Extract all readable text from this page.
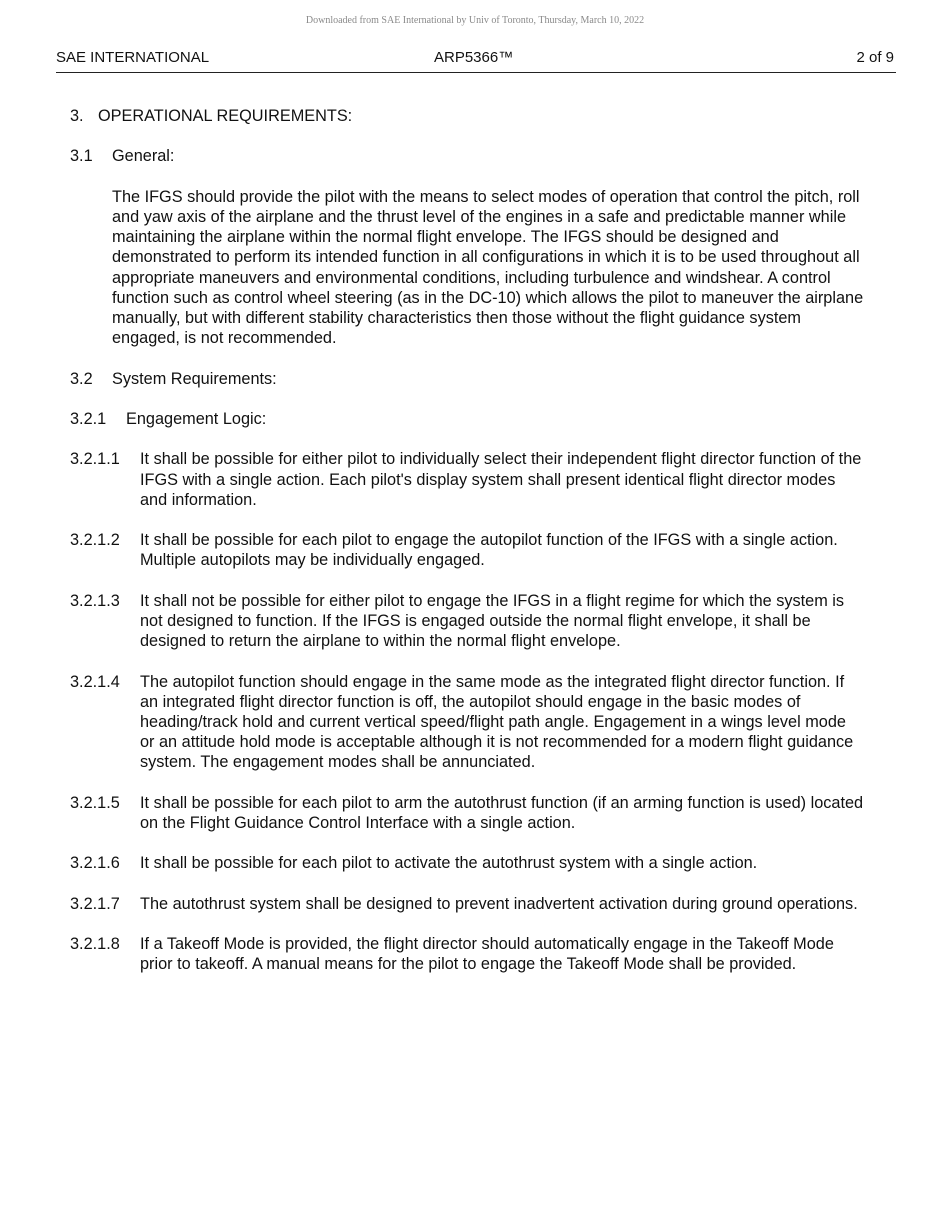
Downloaded from SAE International by Univ of Toronto, Thursday, March 10, 2022
SAE INTERNATIONAL	ARP5366™	2 of 9
3. OPERATIONAL REQUIREMENTS:
3.1	General:
The IFGS should provide the pilot with the means to select modes of operation that control the pitch, roll and yaw axis of the airplane and the thrust level of the engines in a safe and predictable manner while maintaining the airplane within the normal flight envelope. The IFGS should be designed and demonstrated to perform its intended function in all configurations in which it is to be used throughout all appropriate maneuvers and environmental conditions, including turbulence and windshear. A control function such as control wheel steering (as in the DC-10) which allows the pilot to maneuver the airplane manually, but with different stability characteristics then those without the flight guidance system engaged, is not recommended.
3.2	System Requirements:
3.2.1	Engagement Logic:
3.2.1.1	It shall be possible for either pilot to individually select their independent flight director function of the IFGS with a single action. Each pilot's display system shall present identical flight director modes and information.
3.2.1.2	It shall be possible for each pilot to engage the autopilot function of the IFGS with a single action. Multiple autopilots may be individually engaged.
3.2.1.3	It shall not be possible for either pilot to engage the IFGS in a flight regime for which the system is not designed to function. If the IFGS is engaged outside the normal flight envelope, it shall be designed to return the airplane to within the normal flight envelope.
3.2.1.4	The autopilot function should engage in the same mode as the integrated flight director function. If an integrated flight director function is off, the autopilot should engage in the basic modes of heading/track hold and current vertical speed/flight path angle. Engagement in a wings level mode or an attitude hold mode is acceptable although it is not recommended for a modern flight guidance system. The engagement modes shall be annunciated.
3.2.1.5	It shall be possible for each pilot to arm the autothrust function (if an arming function is used) located on the Flight Guidance Control Interface with a single action.
3.2.1.6	It shall be possible for each pilot to activate the autothrust system with a single action.
3.2.1.7	The autothrust system shall be designed to prevent inadvertent activation during ground operations.
3.2.1.8	If a Takeoff Mode is provided, the flight director should automatically engage in the Takeoff Mode prior to takeoff. A manual means for the pilot to engage the Takeoff Mode shall be provided.
